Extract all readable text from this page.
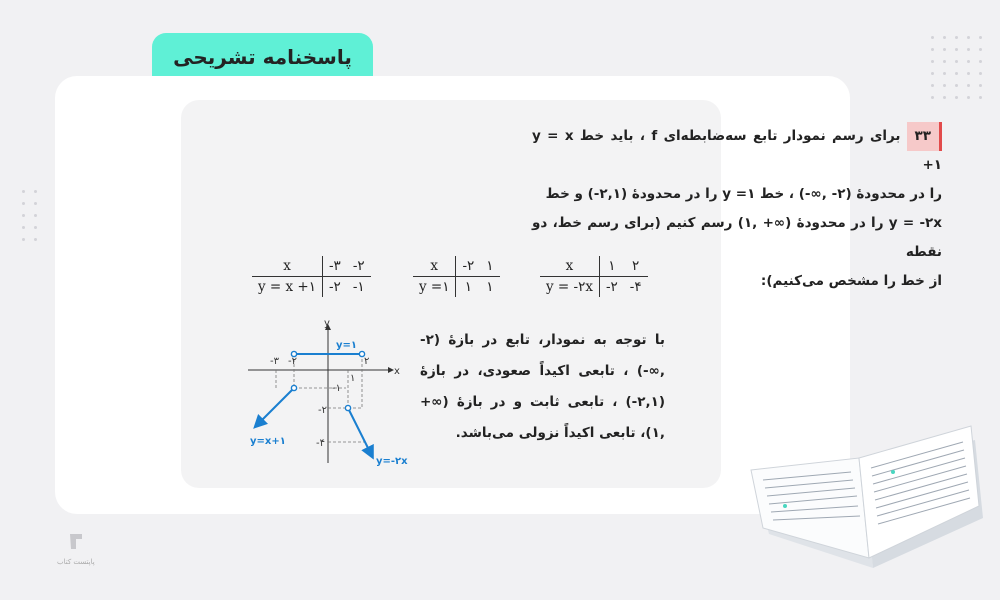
پاسخنامه تشریحی
۳۳برای رسم نمودار تابع سه‌ضابطه‌ای f ، باید خط y = x +۱
را در محدودهٔ (۲- ,∞-) ، خط y =۱ را در محدودهٔ (۲,۱-) و خط
y = -۲x را در محدودهٔ (∞+ ,۱) رسم کنیم (برای رسم خط، دو نقطه
از خط را مشخص می‌کنیم):
x	-۳	-۲
y = x +۱	-۲	-۱
x	-۲	۱
y =۱	۱	۱
x	۱	۲
y = -۲x	-۲	-۴
x
y
-۳ -۲	۲
۱
-۱
-۲
-۴
y=۱
y=x+۱
y=-۲x
با توجه به نمودار، تابع در بازهٔ (۲- ,∞-) ، تابعی اکیداً صعودی، در بازهٔ (۲,۱-) ، تابعی ثابت و در بازهٔ (∞+ ,۱)، تابعی اکیداً نزولی می‌باشد.
پاپتست کتاب
